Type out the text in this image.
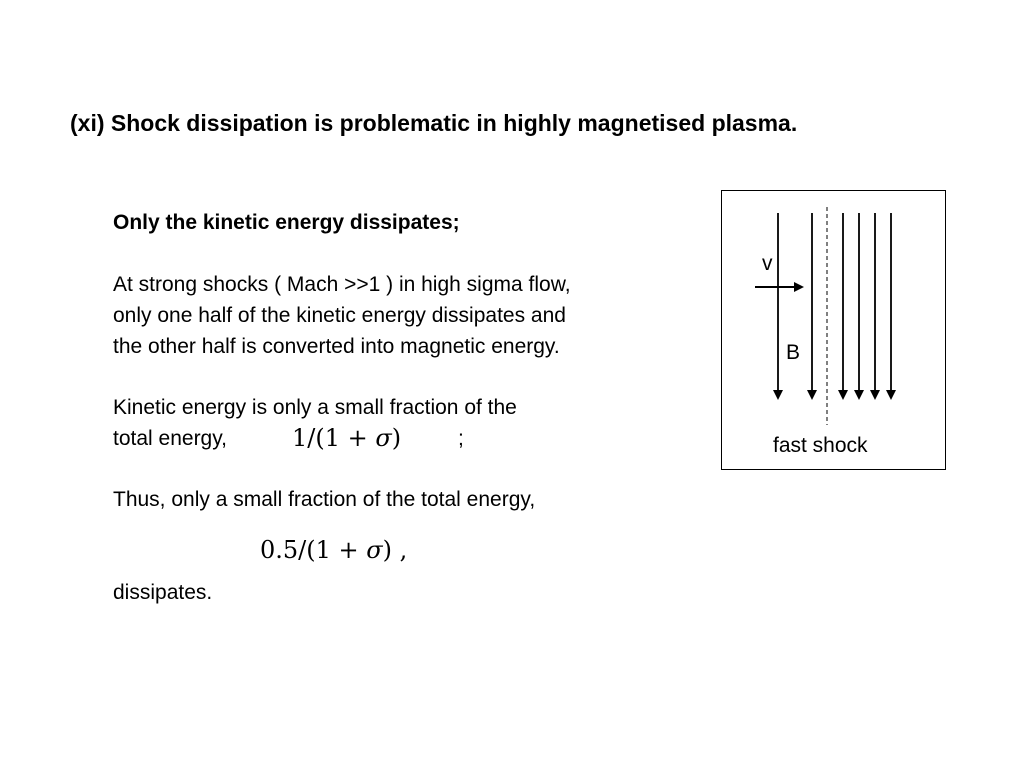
(xi) Shock dissipation is problematic in highly magnetised plasma.
Only the kinetic energy dissipates;
At strong shocks ( Mach >>1 ) in high sigma flow,
only one half of the kinetic energy dissipates and
the other half is converted into magnetic energy.
Kinetic energy is only a small fraction of the
total energy,	1/(1 + σ)	;
Thus, only a small fraction of the total energy,
0.5/(1 + σ) ,
dissipates.
v
B
fast shock
